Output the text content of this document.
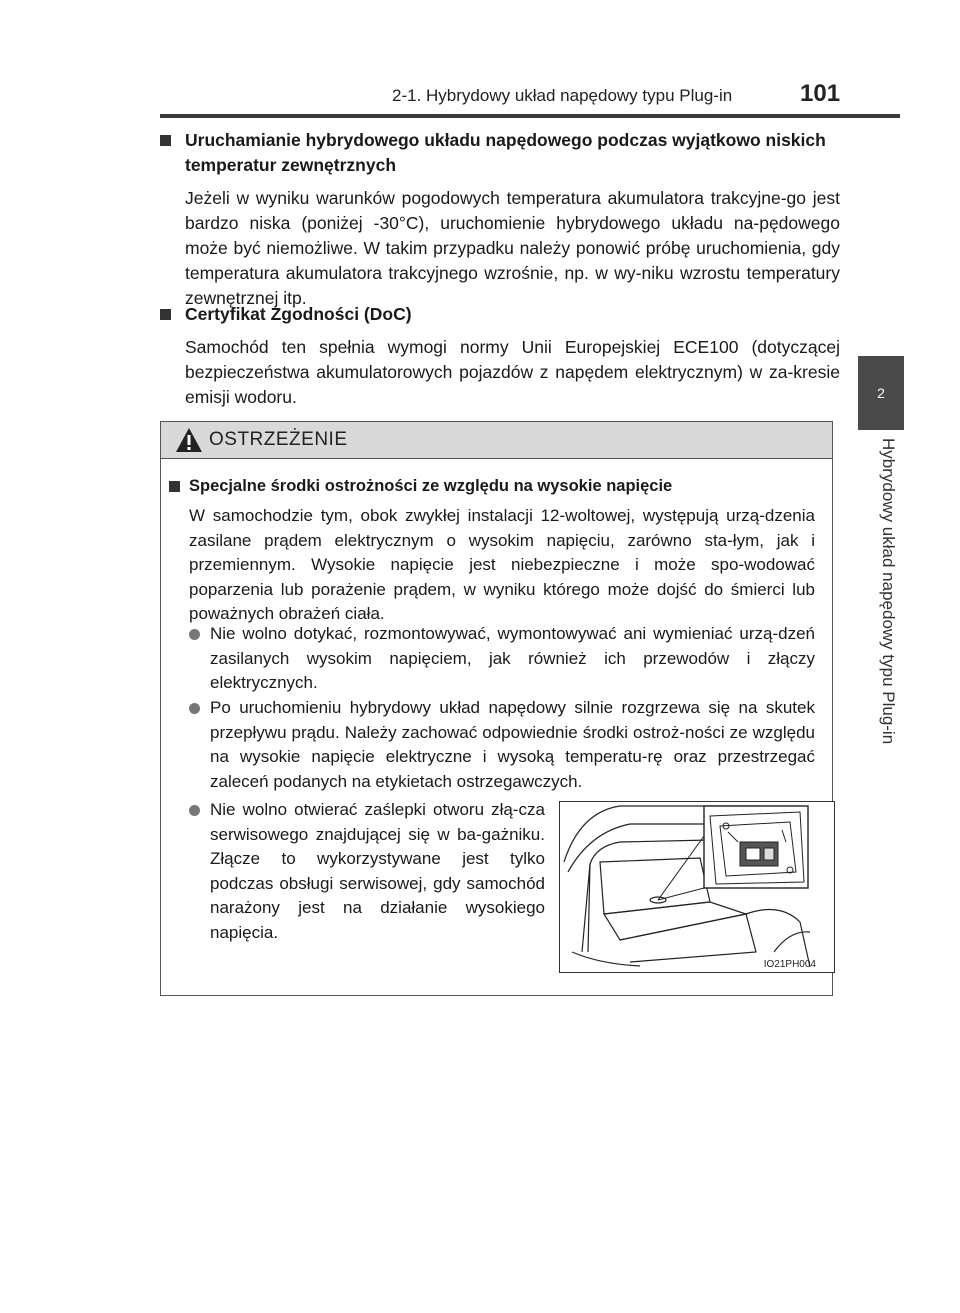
2-1. Hybrydowy układ napędowy typu Plug-in	101
2
Hybrydowy układ napędowy typu Plug-in
Uruchamianie hybrydowego układu napędowego podczas wyjątkowo niskich temperatur zewnętrznych
Jeżeli w wyniku warunków pogodowych temperatura akumulatora trakcyjne-go jest bardzo niska (poniżej -30°C), uruchomienie hybrydowego układu na-pędowego może być niemożliwe. W takim przypadku należy ponowić próbę uruchomienia, gdy temperatura akumulatora trakcyjnego wzrośnie, np. w wy-niku wzrostu temperatury zewnętrznej itp.
Certyfikat Zgodności (DoC)
Samochód ten spełnia wymogi normy Unii Europejskiej ECE100 (dotyczącej bezpieczeństwa akumulatorowych pojazdów z napędem elektrycznym) w za-kresie emisji wodoru.
OSTRZEŻENIE
Specjalne środki ostrożności ze względu na wysokie napięcie
W samochodzie tym, obok zwykłej instalacji 12-woltowej, występują urzą-dzenia zasilane prądem elektrycznym o wysokim napięciu, zarówno sta-łym, jak i przemiennym. Wysokie napięcie jest niebezpieczne i może spo-wodować poparzenia lub porażenie prądem, w wyniku którego może dojść do śmierci lub poważnych obrażeń ciała.
Nie wolno dotykać, rozmontowywać, wymontowywać ani wymieniać urzą-dzeń zasilanych wysokim napięciem, jak również ich przewodów i złączy elektrycznych.
Po uruchomieniu hybrydowy układ napędowy silnie rozgrzewa się na skutek przepływu prądu. Należy zachować odpowiednie środki ostroż-ności ze względu na wysokie napięcie elektryczne i wysoką temperatu-rę oraz przestrzegać zaleceń podanych na etykietach ostrzegawczych.
Nie wolno otwierać zaślepki otworu złą-cza serwisowego znajdującej się w ba-gażniku. Złącze to wykorzystywane jest tylko podczas obsługi serwisowej, gdy samochód narażony jest na działanie wysokiego napięcia.
IO21PH004
